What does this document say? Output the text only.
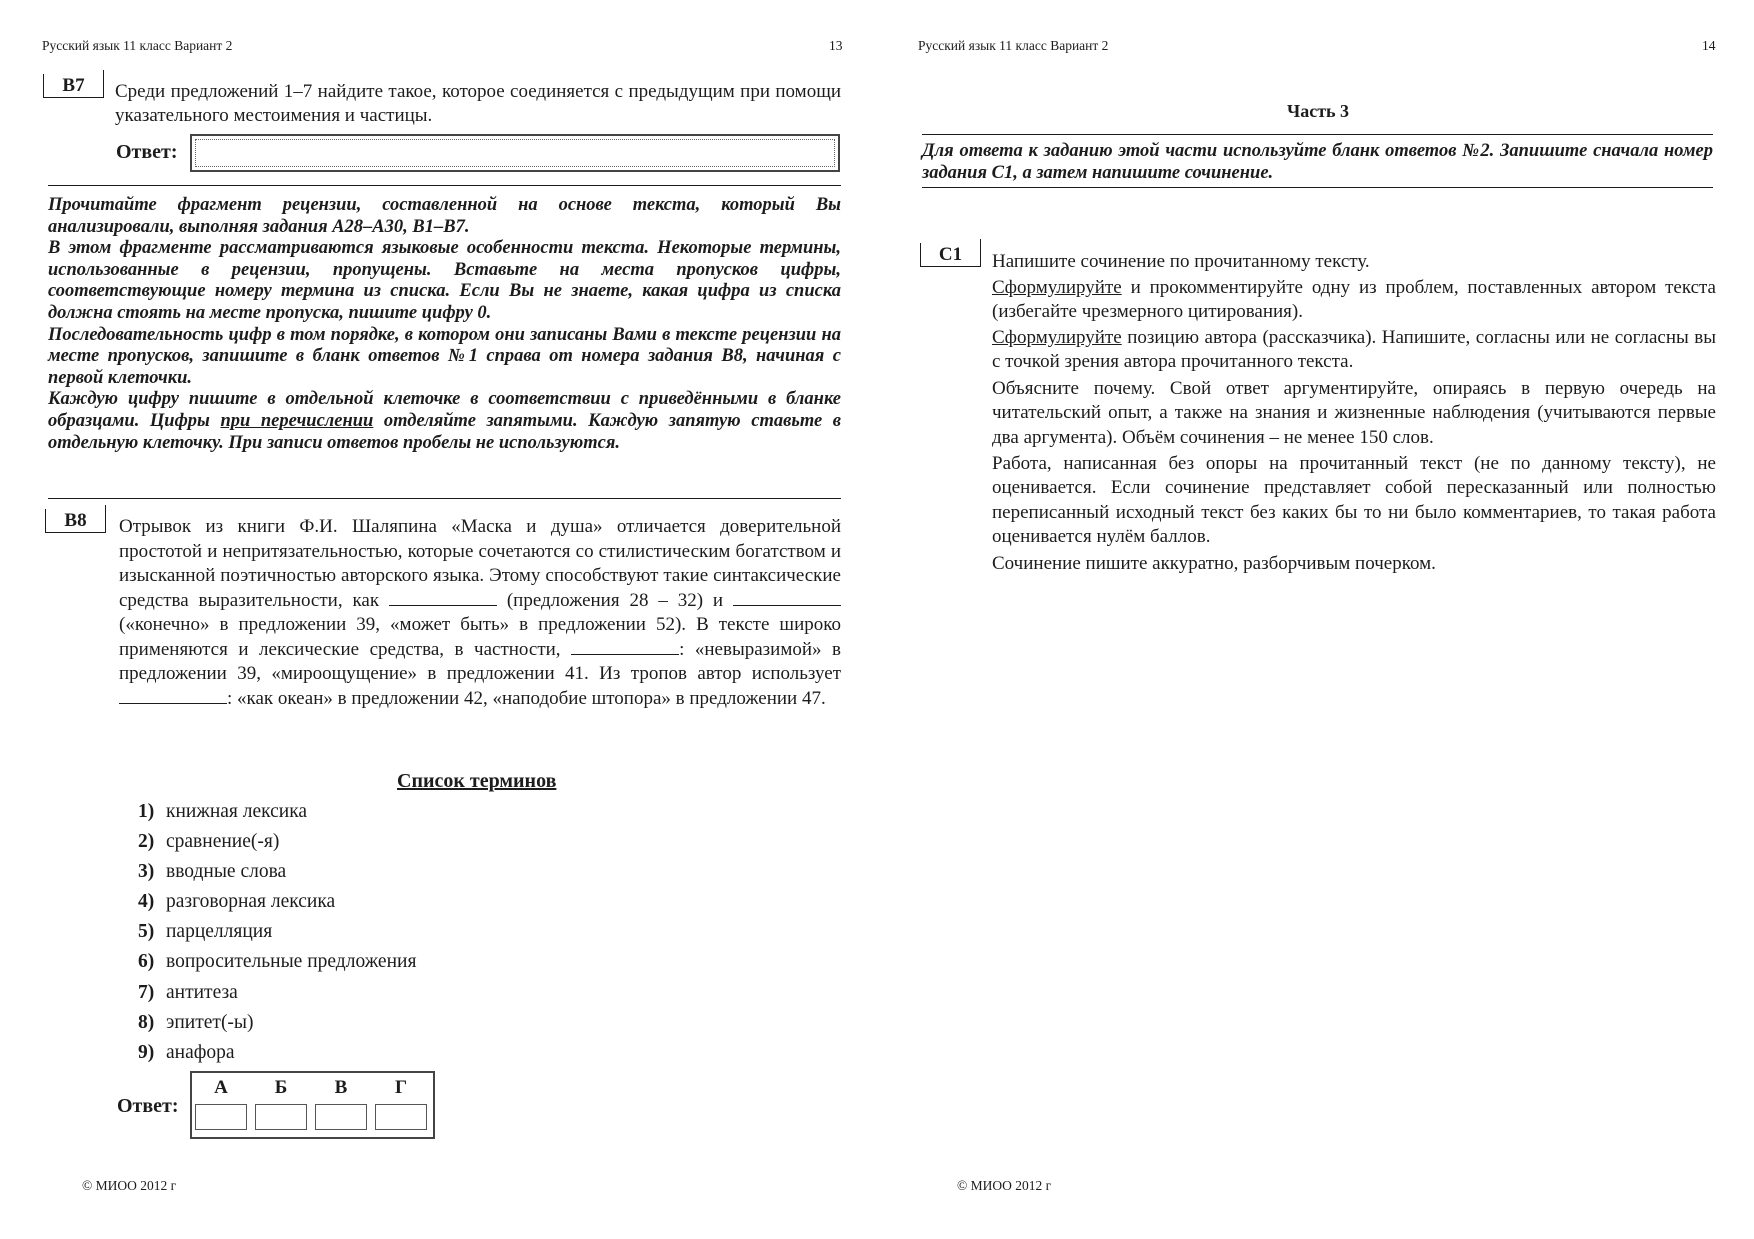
Русский язык 11 класс Вариант 2	13
В7	Среди предложений 1–7 найдите такое, которое соединяется с предыдущим при помощи указательного местоимения и частицы.
Ответ:
Прочитайте фрагмент рецензии, составленной на основе текста, который Вы анализировали, выполняя задания А28–А30, В1–В7.
В этом фрагменте рассматриваются языковые особенности текста. Некоторые термины, использованные в рецензии, пропущены. Вставьте на места пропусков цифры, соответствующие номеру термина из списка. Если Вы не знаете, какая цифра из списка должна стоять на месте пропуска, пишите цифру 0.
Последовательность цифр в том порядке, в котором они записаны Вами в тексте рецензии на месте пропусков, запишите в бланк ответов №1 справа от номера задания В8, начиная с первой клеточки.
Каждую цифру пишите в отдельной клеточке в соответствии с приведёнными в бланке образцами. Цифры при перечислении отделяйте запятыми. Каждую запятую ставьте в отдельную клеточку. При записи ответов пробелы не используются.
В8	Отрывок из книги Ф.И. Шаляпина «Маска и душа» отличается доверительной простотой и непритязательностью, которые сочетаются со стилистическим богатством и изысканной поэтичностью авторского языка. Этому способствуют такие синтаксические средства выразительности, как	(предложения 28 – 32) и  («конечно» в предложении 39, «может быть» в предложении 52). В тексте широко применяются и лексические средства, в частности,	: «невыразимой» в предложении 39, «мироощущение» в предложении 41. Из тропов автор использует : «как океан» в предложении 42, «наподобие штопора» в предложении 47.
Список терминов
1) книжная лексика
2) сравнение(-я)
3) вводные слова
4) разговорная лексика
5) парцелляция
6) вопросительные предложения
7) антитеза
8) эпитет(-ы)
9) анафора
Ответ:
А	Б	В	Г
© МИОО 2012 г
Русский язык 11 класс Вариант 2	14
Часть 3
Для ответа к заданию этой части используйте бланк ответов №2. Запишите сначала номер задания С1, а затем напишите сочинение.
С1	Напишите сочинение по прочитанному тексту.
Сформулируйте и прокомментируйте одну из проблем, поставленных автором текста (избегайте чрезмерного цитирования).
Сформулируйте позицию автора (рассказчика). Напишите, согласны или не согласны вы с точкой зрения автора прочитанного текста.
Объясните почему. Свой ответ аргументируйте, опираясь в первую очередь на читательский опыт, а также на знания и жизненные наблюдения (учитываются первые два аргумента). Объём сочинения – не менее 150 слов.
Работа, написанная без опоры на прочитанный текст (не по данному тексту), не оценивается. Если сочинение представляет собой пересказанный или полностью переписанный исходный текст без каких бы то ни было комментариев, то такая работа оценивается нулём баллов.
Сочинение пишите аккуратно, разборчивым почерком.
© МИОО 2012 г
